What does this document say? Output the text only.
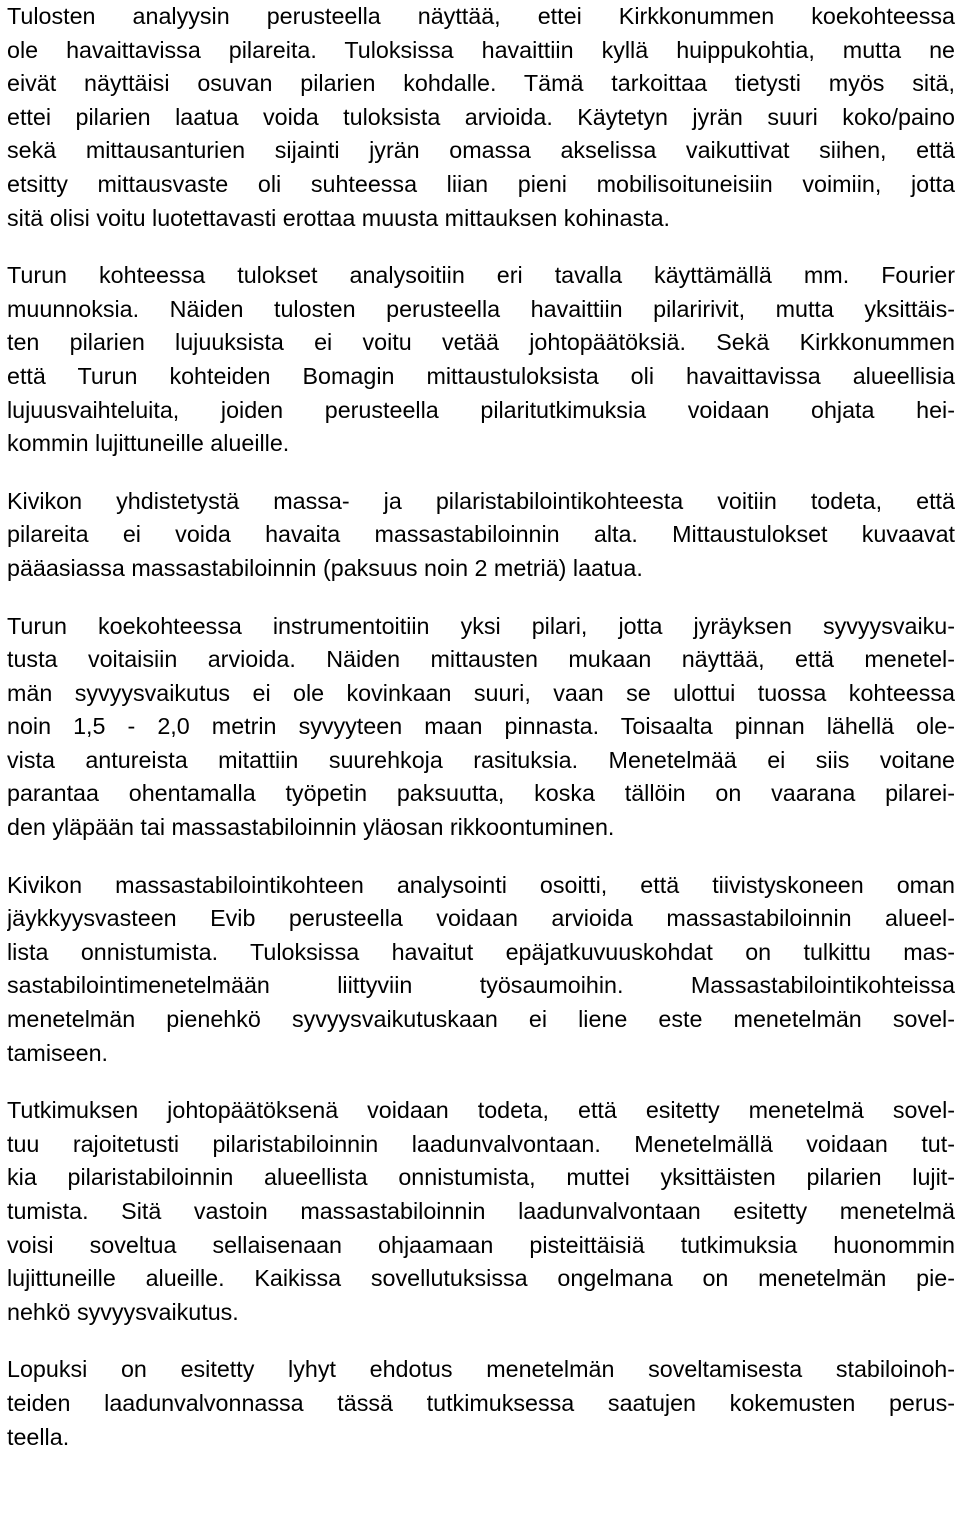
Tulosten analyysin perusteella näyttää, ettei Kirkkonummen koekohteessa
ole havaittavissa pilareita. Tuloksissa havaittiin kyllä huippukohtia, mutta ne
eivät näyttäisi osuvan pilarien kohdalle. Tämä tarkoittaa tietysti myös sitä,
ettei pilarien laatua voida tuloksista arvioida. Käytetyn jyrän suuri koko/paino
sekä mittausanturien sijainti jyrän omassa akselissa vaikuttivat siihen, että
etsitty mittausvaste oli suhteessa liian pieni mobilisoituneisiin voimiin, jotta
sitä olisi voitu luotettavasti erottaa muusta mittauksen kohinasta.
Turun kohteessa tulokset analysoitiin eri tavalla käyttämällä mm. Fourier
muunnoksia. Näiden tulosten perusteella havaittiin pilaririvit, mutta yksittäis-
ten pilarien lujuuksista ei voitu vetää johtopäätöksiä. Sekä Kirkkonummen
että Turun kohteiden Bomagin mittaustuloksista oli havaittavissa alueellisia
lujuusvaihteluita, joiden perusteella pilaritutkimuksia voidaan ohjata hei-
kommin lujittuneille alueille.
Kivikon yhdistetystä massa- ja pilaristabilointikohteesta voitiin todeta, että
pilareita ei voida havaita massastabiloinnin alta. Mittaustulokset kuvaavat
pääasiassa massastabiloinnin (paksuus noin 2 metriä) laatua.
Turun koekohteessa instrumentoitiin yksi pilari, jotta jyräyksen syvyysvaiku-
tusta voitaisiin arvioida. Näiden mittausten mukaan näyttää, että menetel-
män syvyysvaikutus ei ole kovinkaan suuri, vaan se ulottui tuossa kohteessa
noin 1,5 - 2,0 metrin syvyyteen maan pinnasta. Toisaalta pinnan lähellä ole-
vista antureista mitattiin suurehkoja rasituksia. Menetelmää ei siis voitane
parantaa ohentamalla työpetin paksuutta, koska tällöin on vaarana pilarei-
den yläpään tai massastabiloinnin yläosan rikkoontuminen.
Kivikon massastabilointikohteen analysointi osoitti, että tiivistyskoneen oman
jäykkyysvasteen Evib perusteella voidaan arvioida massastabiloinnin alueel-
lista onnistumista. Tuloksissa havaitut epäjatkuvuuskohdat on tulkittu mas-
sastabilointimenetelmään liittyviin työsaumoihin. Massastabilointikohteissa
menetelmän pienehkö syvyysvaikutuskaan ei liene este menetelmän sovel-
tamiseen.
Tutkimuksen johtopäätöksenä voidaan todeta, että esitetty menetelmä sovel-
tuu rajoitetusti pilaristabiloinnin laadunvalvontaan. Menetelmällä voidaan tut-
kia pilaristabiloinnin alueellista onnistumista, muttei yksittäisten pilarien lujit-
tumista. Sitä vastoin massastabiloinnin laadunvalvontaan esitetty menetelmä
voisi soveltua sellaisenaan ohjaamaan pisteittäisiä tutkimuksia huonommin
lujittuneille alueille. Kaikissa sovellutuksissa ongelmana on menetelmän pie-
nehkö syvyysvaikutus.
Lopuksi on esitetty lyhyt ehdotus menetelmän soveltamisesta stabiloinoh-
teiden laadunvalvonnassa tässä tutkimuksessa saatujen kokemusten perus-
teella.
